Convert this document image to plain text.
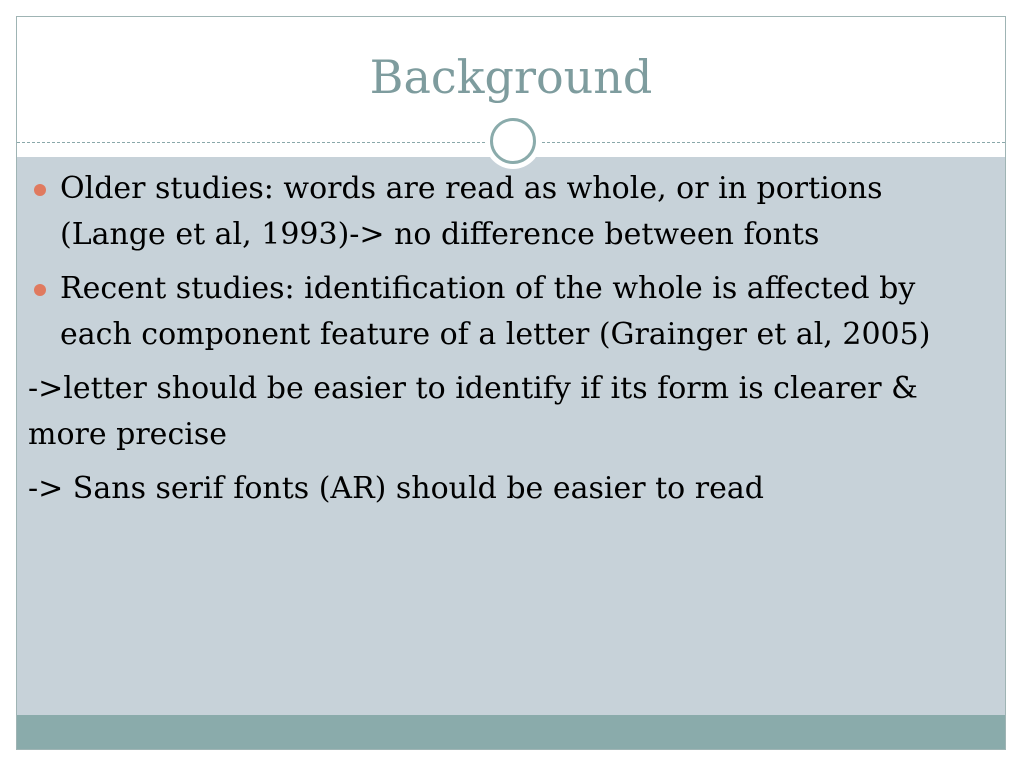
Background
Older studies: words are read as whole, or in portions (Lange et al, 1993)-> no difference between fonts
Recent studies: identification of the whole is affected by each component feature of a letter (Grainger et al, 2005)
->letter should be easier to identify if its form is clearer & more precise
-> Sans serif fonts (AR) should be easier to read
